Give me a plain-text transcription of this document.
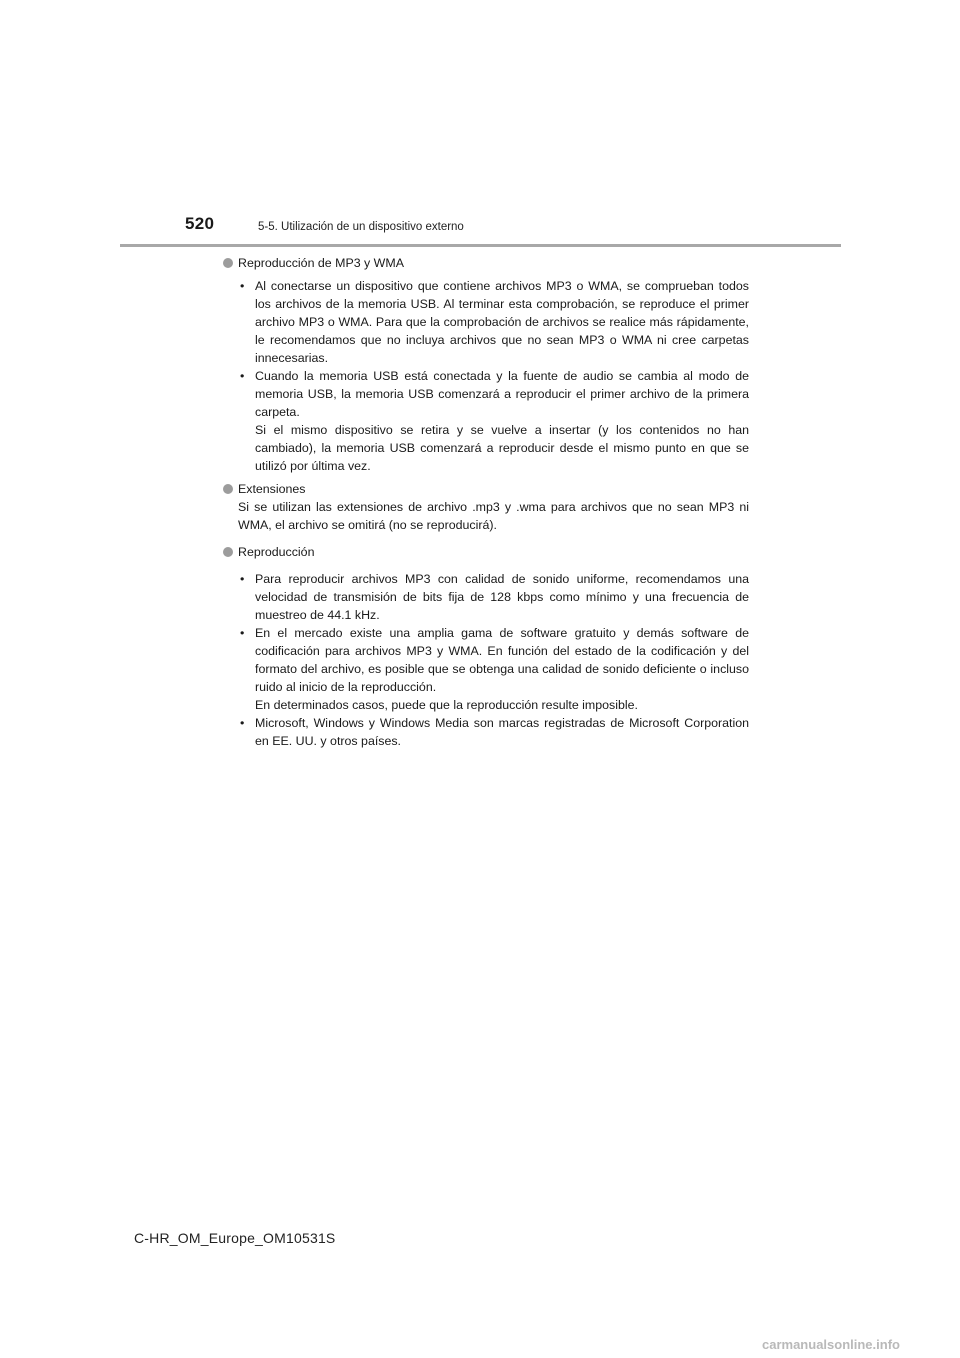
520	5-5. Utilización de un dispositivo externo
Reproducción de MP3 y WMA
• Al conectarse un dispositivo que contiene archivos MP3 o WMA, se comprueban todos los archivos de la memoria USB. Al terminar esta comprobación, se reproduce el primer archivo MP3 o WMA. Para que la comprobación de archivos se realice más rápidamente, le recomendamos que no incluya archivos que no sean MP3 o WMA ni cree carpetas innecesarias.
• Cuando la memoria USB está conectada y la fuente de audio se cambia al modo de memoria USB, la memoria USB comenzará a reproducir el primer archivo de la primera carpeta.
Si el mismo dispositivo se retira y se vuelve a insertar (y los contenidos no han cambiado), la memoria USB comenzará a reproducir desde el mismo punto en que se utilizó por última vez.
Extensiones
Si se utilizan las extensiones de archivo .mp3 y .wma para archivos que no sean MP3 ni WMA, el archivo se omitirá (no se reproducirá).
Reproducción
• Para reproducir archivos MP3 con calidad de sonido uniforme, recomendamos una velocidad de transmisión de bits fija de 128 kbps como mínimo y una frecuencia de muestreo de 44.1 kHz.
• En el mercado existe una amplia gama de software gratuito y demás software de codificación para archivos MP3 y WMA. En función del estado de la codificación y del formato del archivo, es posible que se obtenga una calidad de sonido deficiente o incluso ruido al inicio de la reproducción.
En determinados casos, puede que la reproducción resulte imposible.
• Microsoft, Windows y Windows Media son marcas registradas de Microsoft Corporation en EE. UU. y otros países.
C-HR_OM_Europe_OM10531S
carmanualsonline.info
